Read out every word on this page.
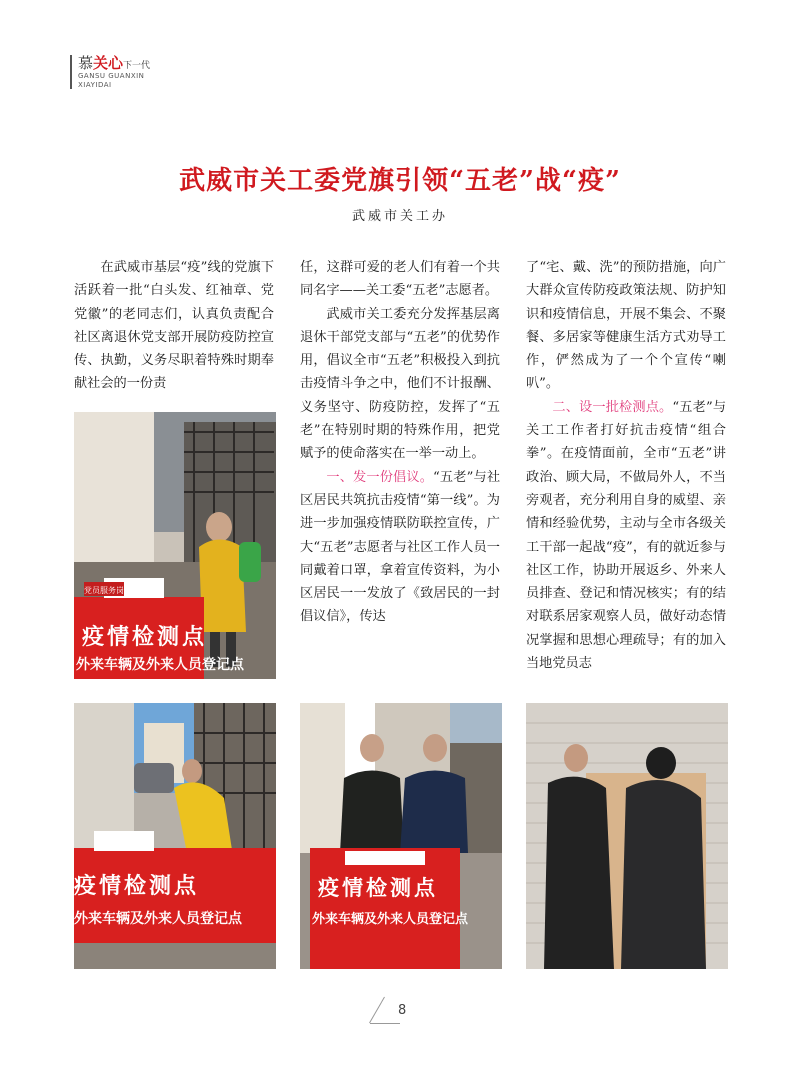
慕关心下一代
GANSU GUANXIN
XIAYIDAI
武威市关工委党旗引领“五老”战“疫”
武威市关工办

在武威市基层“疫”线的党旗下活跃着一批“白头发、红袖章、党党徽”的老同志们，认真负责配合社区离退休党支部开展防疫防控宣传、执勤，义务尽职着特殊时期奉献社会的一份责

任，这群可爱的老人们有着一个共同名字——关工委“五老”志愿者。

武威市关工委充分发挥基层离退休干部党支部与“五老”的优势作用，倡议全市“五老”积极投入到抗击疫情斗争之中，他们不计报酬、义务坚守、防疫防控，发挥了“五老”在特别时期的特殊作用，把党赋予的使命落实在一举一动上。

一、发一份倡议。“五老”与社区居民共筑抗击疫情“第一线”。为进一步加强疫情联防联控宣传，广大“五老”志愿者与社区工作人员一同戴着口罩，拿着宣传资料，为小区居民一一发放了《致居民的一封倡议信》，传达

了“宅、戴、洗”的预防措施，向广大群众宣传防疫政策法规、防护知识和疫情信息，开展不集会、不聚餐、多居家等健康生活方式劝导工作，俨然成为了一个个宣传“喇叭”。

二、设一批检测点。“五老”与关工工作者打好抗击疫情“组合拳”。在疫情面前，全市“五老”讲政治、顾大局，不做局外人，不当旁观者，充分利用自身的威望、亲情和经验优势，主动与全市各级关工干部一起战“疫”，有的就近参与社区工作，协助开展返乡、外来人员排查、登记和情况核实；有的结对联系居家观察人员，做好动态情况掌握和思想心理疏导；有的加入当地党员志

党员服务岗
疫情检测点
外来车辆及外来人员登记点
疫情检测点
外来车辆及外来人员登记点
疫情检测点
外来车辆及外来人员登记点
8
